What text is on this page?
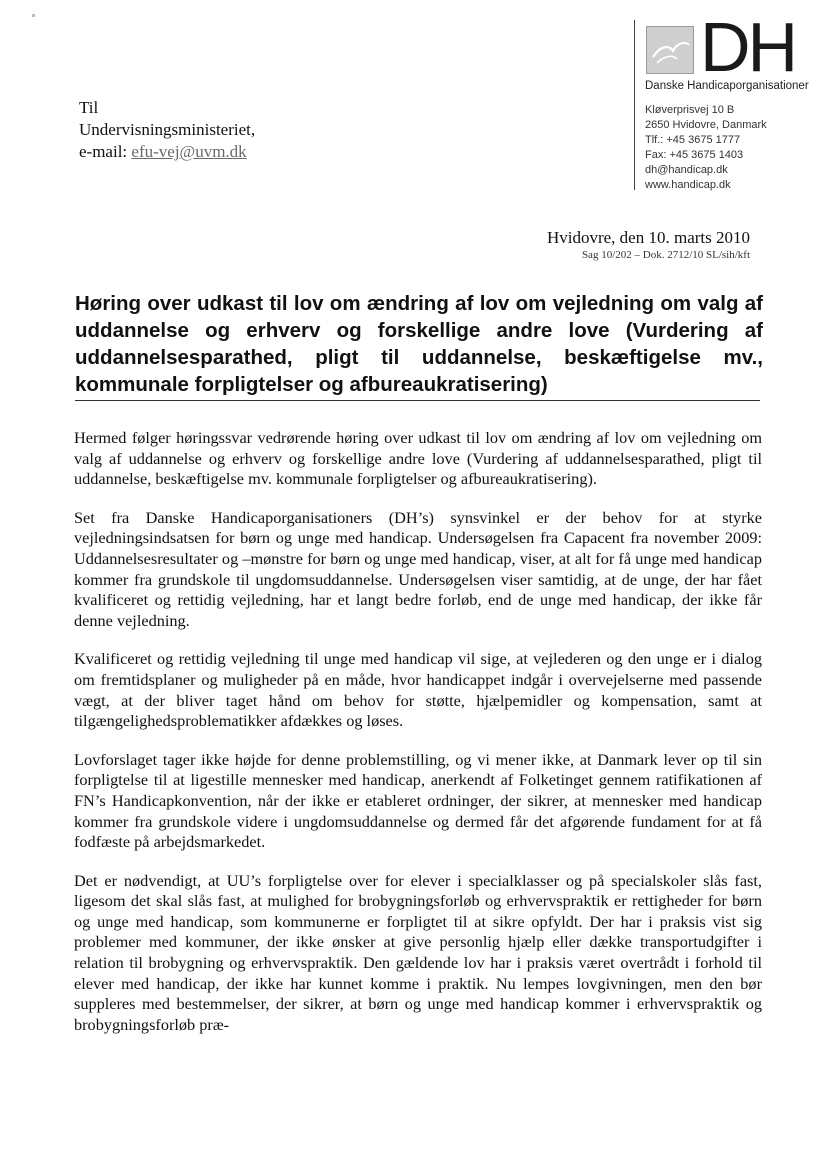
DH
Danske Handicaporganisationer
Kløverprisvej 10 B
2650 Hvidovre, Danmark
Tlf.: +45 3675 1777
Fax: +45 3675 1403
dh@handicap.dk
www.handicap.dk
Til
Undervisningsministeriet,
e-mail: efu-vej@uvm.dk
Hvidovre, den 10. marts 2010
Sag 10/202 – Dok. 2712/10 SL/sih/kft
Høring over udkast til lov om ændring af lov om vejledning om valg af uddannelse og erhverv og forskellige andre love (Vurdering af uddannelsesparathed, pligt til uddannelse, beskæftigelse mv., kommunale forpligtelser og afbureaukratisering)

Hermed følger høringssvar vedrørende høring over udkast til lov om ændring af lov om vejledning om valg af uddannelse og erhverv og forskellige andre love (Vurdering af uddannelsesparathed, pligt til uddannelse, beskæftigelse mv. kommunale forpligtelser og afbureaukratisering).

Set fra Danske Handicaporganisationers (DH’s) synsvinkel er der behov for at styrke vejledningsindsatsen for børn og unge med handicap. Undersøgelsen fra Capacent fra november 2009: Uddannelsesresultater og –mønstre for børn og unge med handicap, viser, at alt for få unge med handicap kommer fra grundskole til ungdomsuddannelse. Undersøgelsen viser samtidig, at de unge, der har fået kvalificeret og rettidig vejledning, har et langt bedre forløb, end de unge med handicap, der ikke får denne vejledning.

Kvalificeret og rettidig vejledning til unge med handicap vil sige, at vejlederen og den unge er i dialog om fremtidsplaner og muligheder på en måde, hvor handicappet indgår i overvejelserne med passende vægt, at der bliver taget hånd om behov for støtte, hjælpemidler og kompensation, samt at tilgængelighedsproblematikker afdækkes og løses.

Lovforslaget tager ikke højde for denne problemstilling, og vi mener ikke, at Danmark lever op til sin forpligtelse til at ligestille mennesker med handicap, anerkendt af Folketinget gennem ratifikationen af FN’s Handicapkonvention, når der ikke er etableret ordninger, der sikrer, at mennesker med handicap kommer fra grundskole videre i ungdomsuddannelse og dermed får det afgørende fundament for at få fodfæste på arbejdsmarkedet.

Det er nødvendigt, at UU’s forpligtelse over for elever i specialklasser og på specialskoler slås fast, ligesom det skal slås fast, at mulighed for brobygningsforløb og erhvervspraktik er rettigheder for børn og unge med handicap, som kommunerne er forpligtet til at sikre opfyldt. Der har i praksis vist sig problemer med kommuner, der ikke ønsker at give personlig hjælp eller dække transportudgifter i relation til brobygning og erhvervspraktik. Den gældende lov har i praksis været overtrådt i forhold til elever med handicap, der ikke har kunnet komme i praktik. Nu lempes lovgivningen, men den bør suppleres med bestemmelser, der sikrer, at børn og unge med handicap kommer i erhvervspraktik og brobygningsforløb præ-
